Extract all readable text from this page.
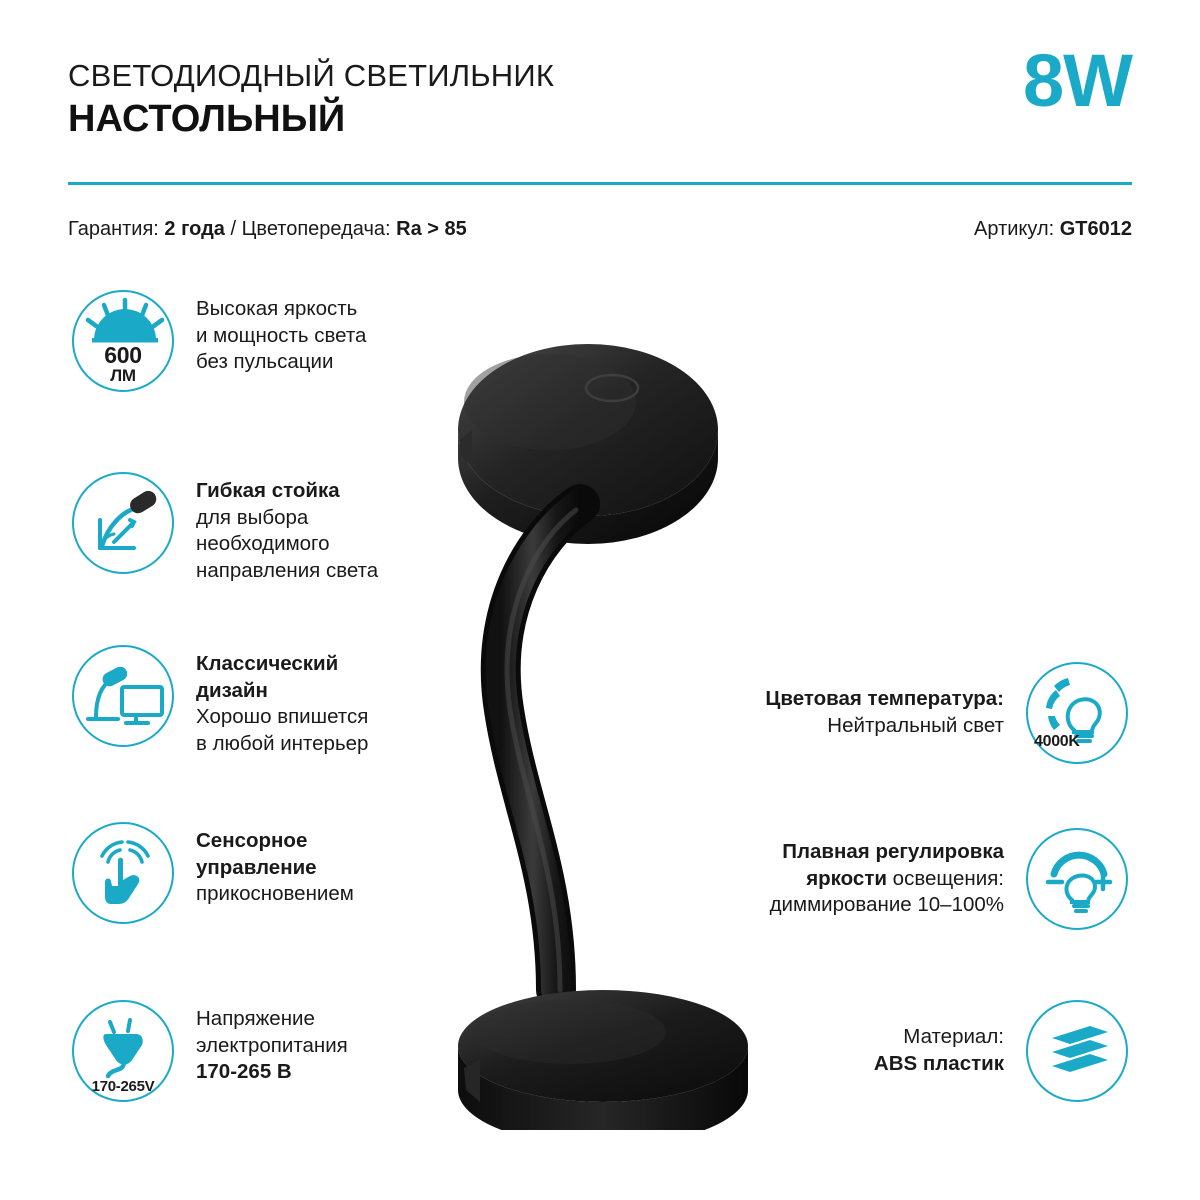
СВЕТОДИОДНЫЙ СВЕТИЛЬНИК
НАСТОЛЬНЫЙ	8W
Гарантия: 2 года / Цветопередача: Ra > 85	Артикул: GT6012
600
ЛМ
Высокая яркость
и мощность света
без пульсации
Гибкая стойка
для выбора
необходимого
направления света
Классический
дизайн
Хорошо впишется
в любой интерьер
Сенсорное
управление
прикосновением
170-265V
Напряжение
электропитания
170-265 В
Цветовая температура:
Нейтральный свет
4000K
Плавная регулировка
яркости освещения:
диммирование 10–100%
Материал:
ABS пластик
